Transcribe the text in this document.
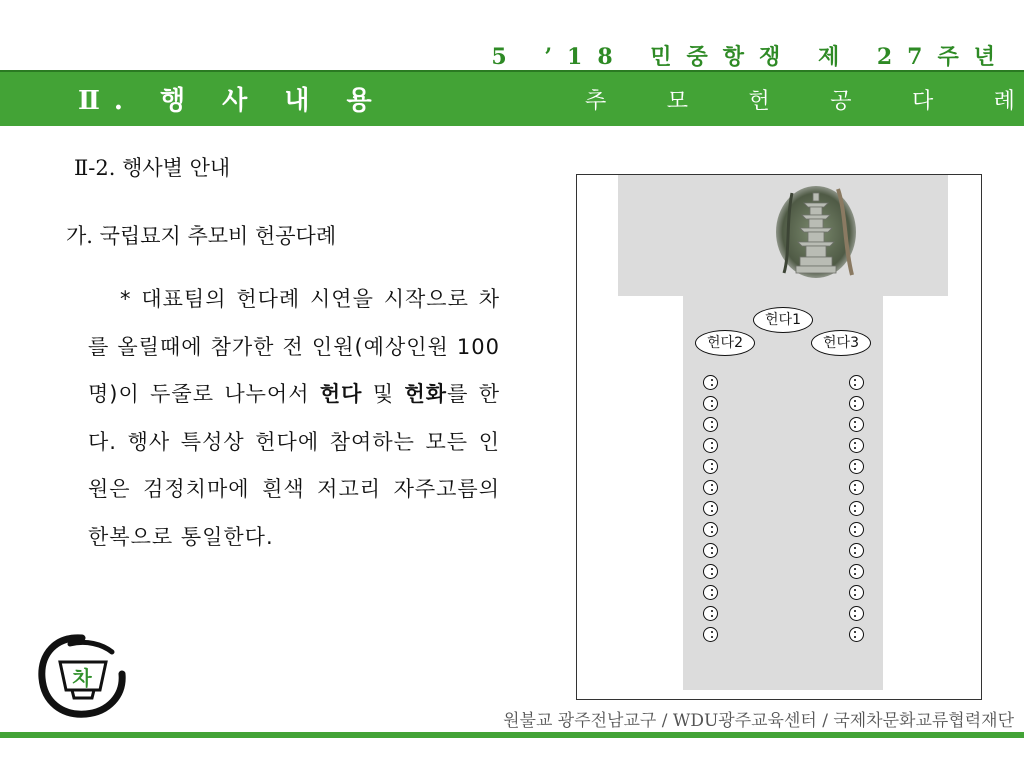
5 ’18 민중항쟁 제 27주년
Ⅱ. 행 사 내 용	추	모	헌	공	다	례
Ⅱ-2. 행사별 안내
가. 국립묘지 추모비 헌공다례
* 대표팀의 헌다례 시연을 시작으로 차를 올릴때에 참가한 전 인원(예상인원 100명)이 두줄로 나누어서 헌다 및 헌화를 한다. 행사 특성상 헌다에 참여하는 모든 인원은 검정치마에 흰색 저고리 자주고름의 한복으로 통일한다.
헌다1
헌다2	헌다3
차
원불교 광주전남교구 / WDU광주교육센터 / 국제차문화교류협력재단
